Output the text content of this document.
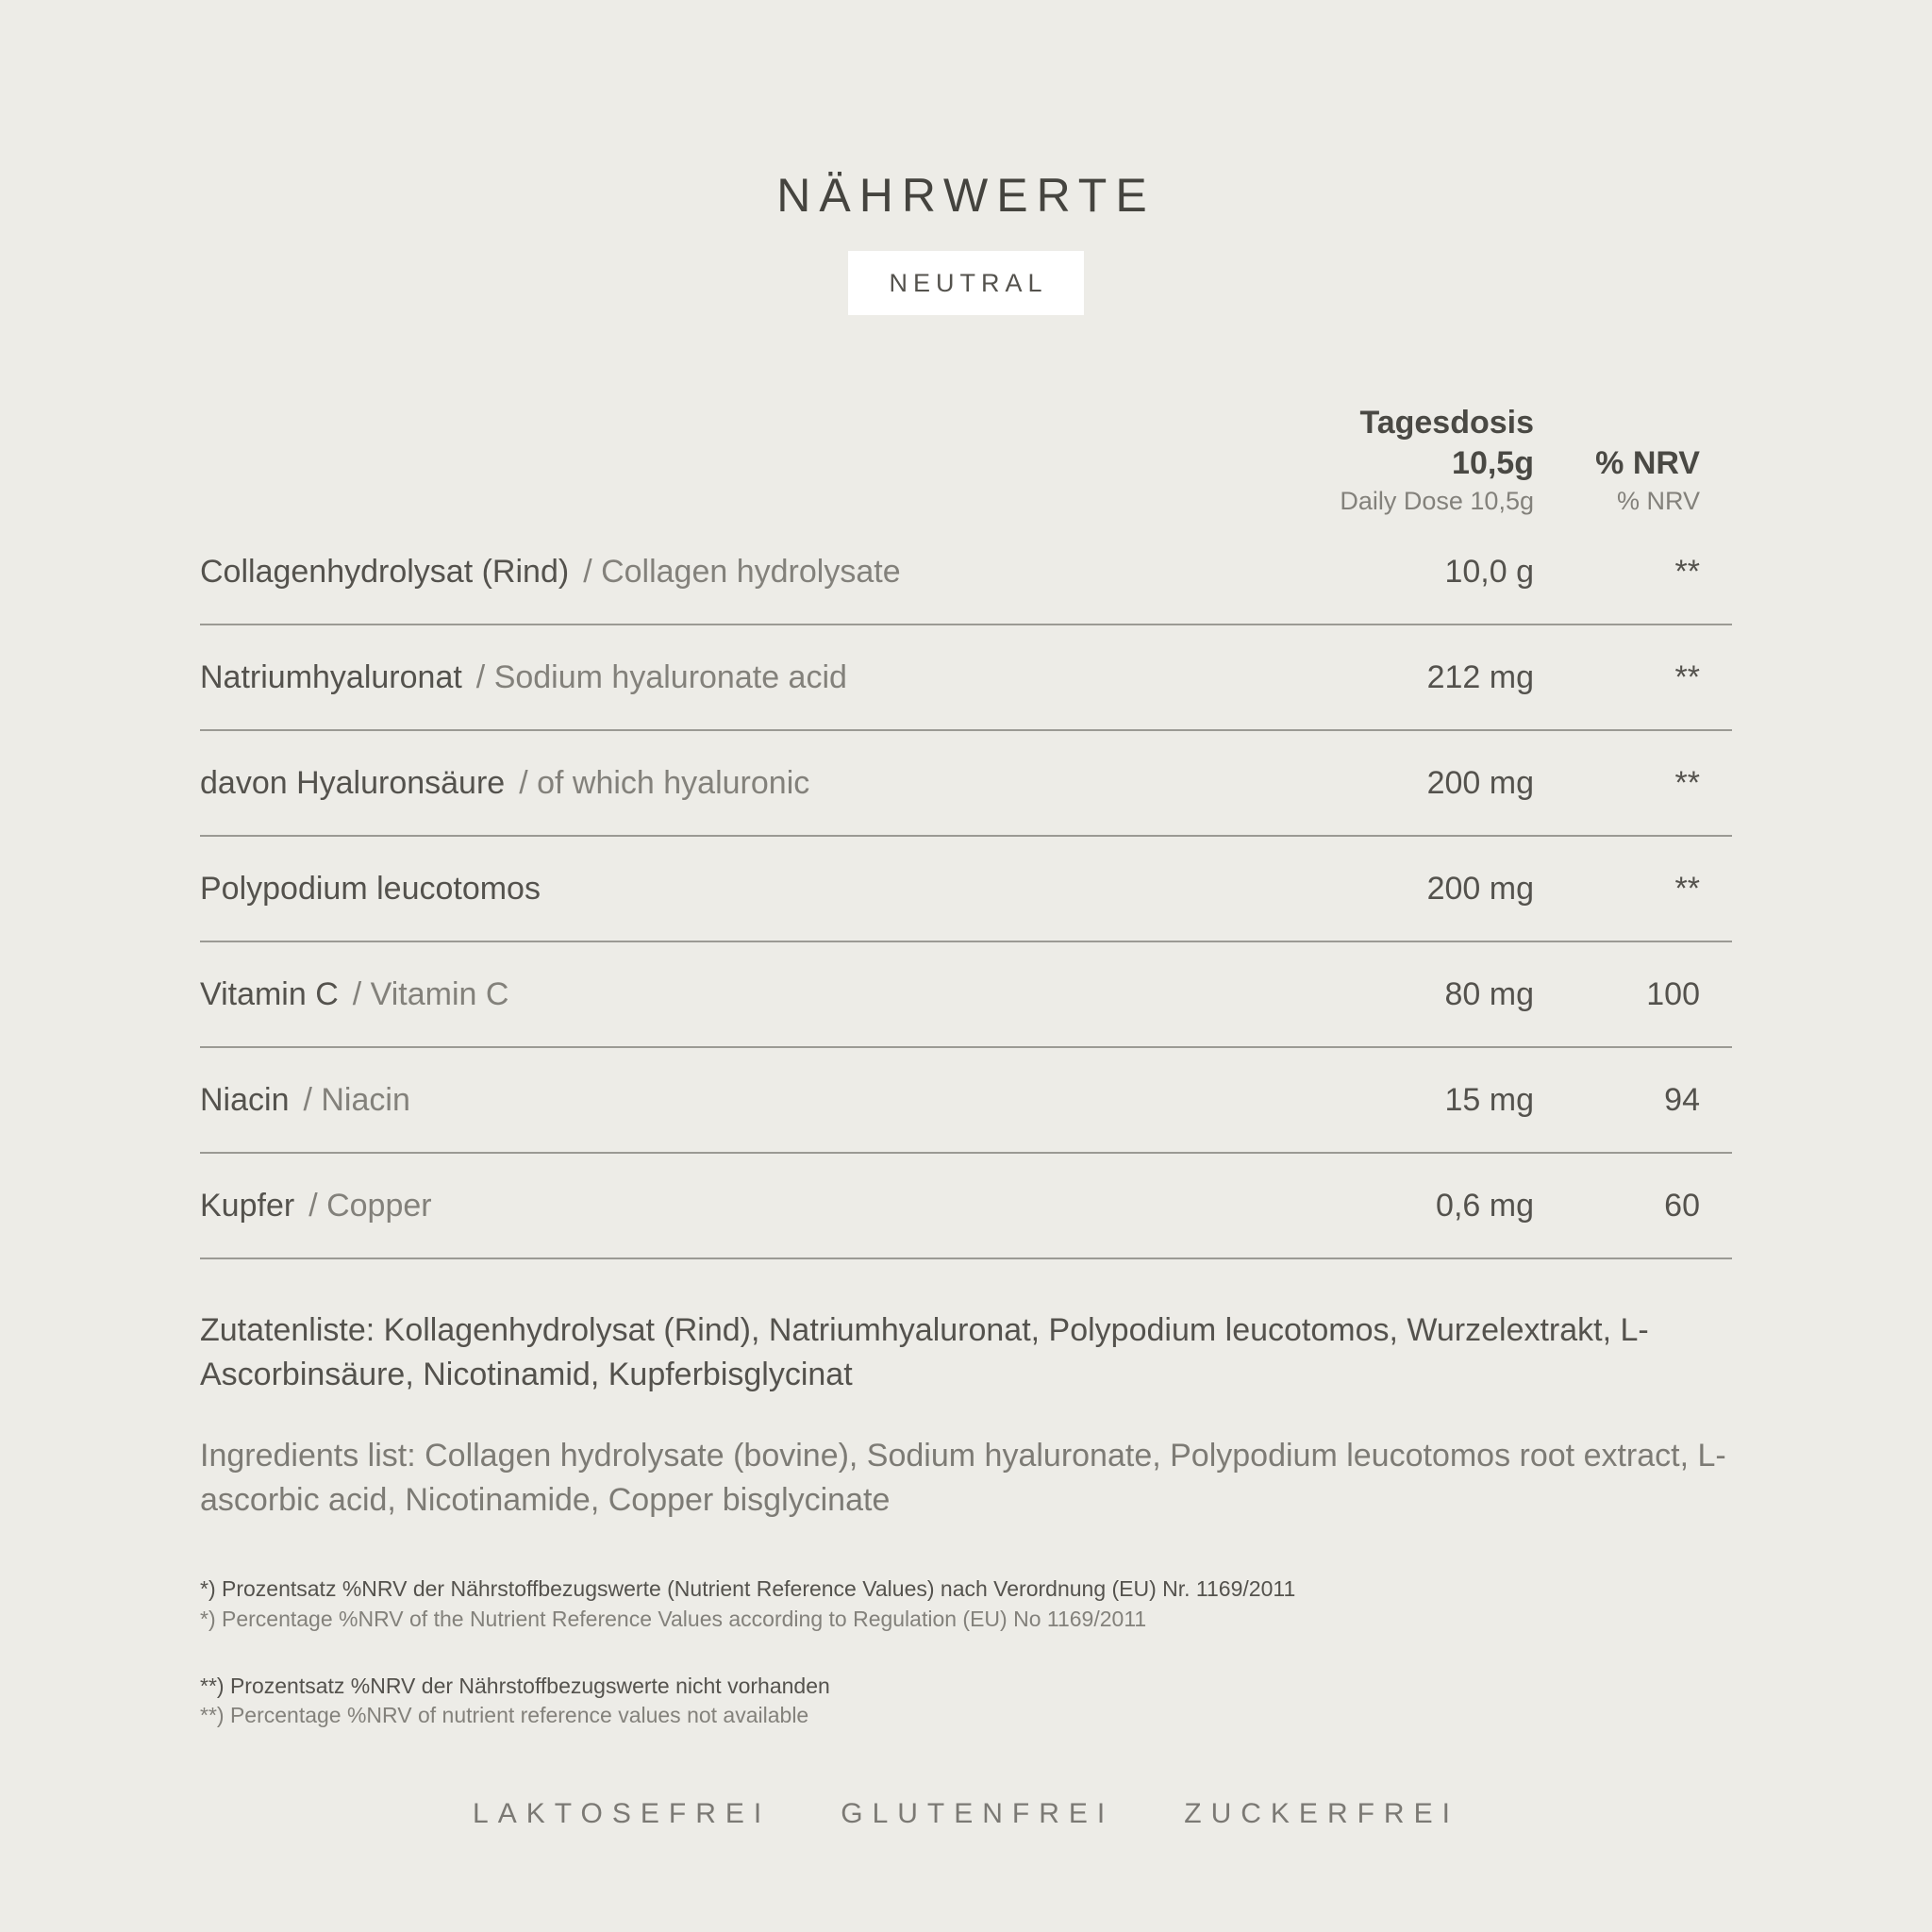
NÄHRWERTE
NEUTRAL
Tagesdosis 10,5g
Daily Dose 10,5g
% NRV
% NRV
Collagenhydrolysat (Rind) / Collagen hydrolysate	10,0 g	**
Natriumhyaluronat / Sodium hyaluronate acid	212 mg	**
davon Hyaluronsäure / of which hyaluronic	200 mg	**
Polypodium leucotomos	200 mg	**
Vitamin C / Vitamin C	80 mg	100
Niacin / Niacin	15 mg	94
Kupfer / Copper	0,6 mg	60

Zutatenliste: Kollagenhydrolysat (Rind), Natriumhyaluronat, Polypodium leucotomos, Wurzelextrakt, L-Ascorbinsäure, Nicotinamid, Kupferbisglycinat

Ingredients list: Collagen hydrolysate (bovine), Sodium hyaluronate, Polypodium leucotomos root extract, L-ascorbic acid, Nicotinamide, Copper bisglycinate

*) Prozentsatz %NRV der Nährstoffbezugswerte (Nutrient Reference Values) nach Verordnung (EU) Nr. 1169/2011
*) Percentage %NRV of the Nutrient Reference Values according to Regulation (EU) No 1169/2011
**) Prozentsatz %NRV der Nährstoffbezugswerte nicht vorhanden
**) Percentage %NRV of nutrient reference values not available
LAKTOSEFREI GLUTENFREI ZUCKERFREI
